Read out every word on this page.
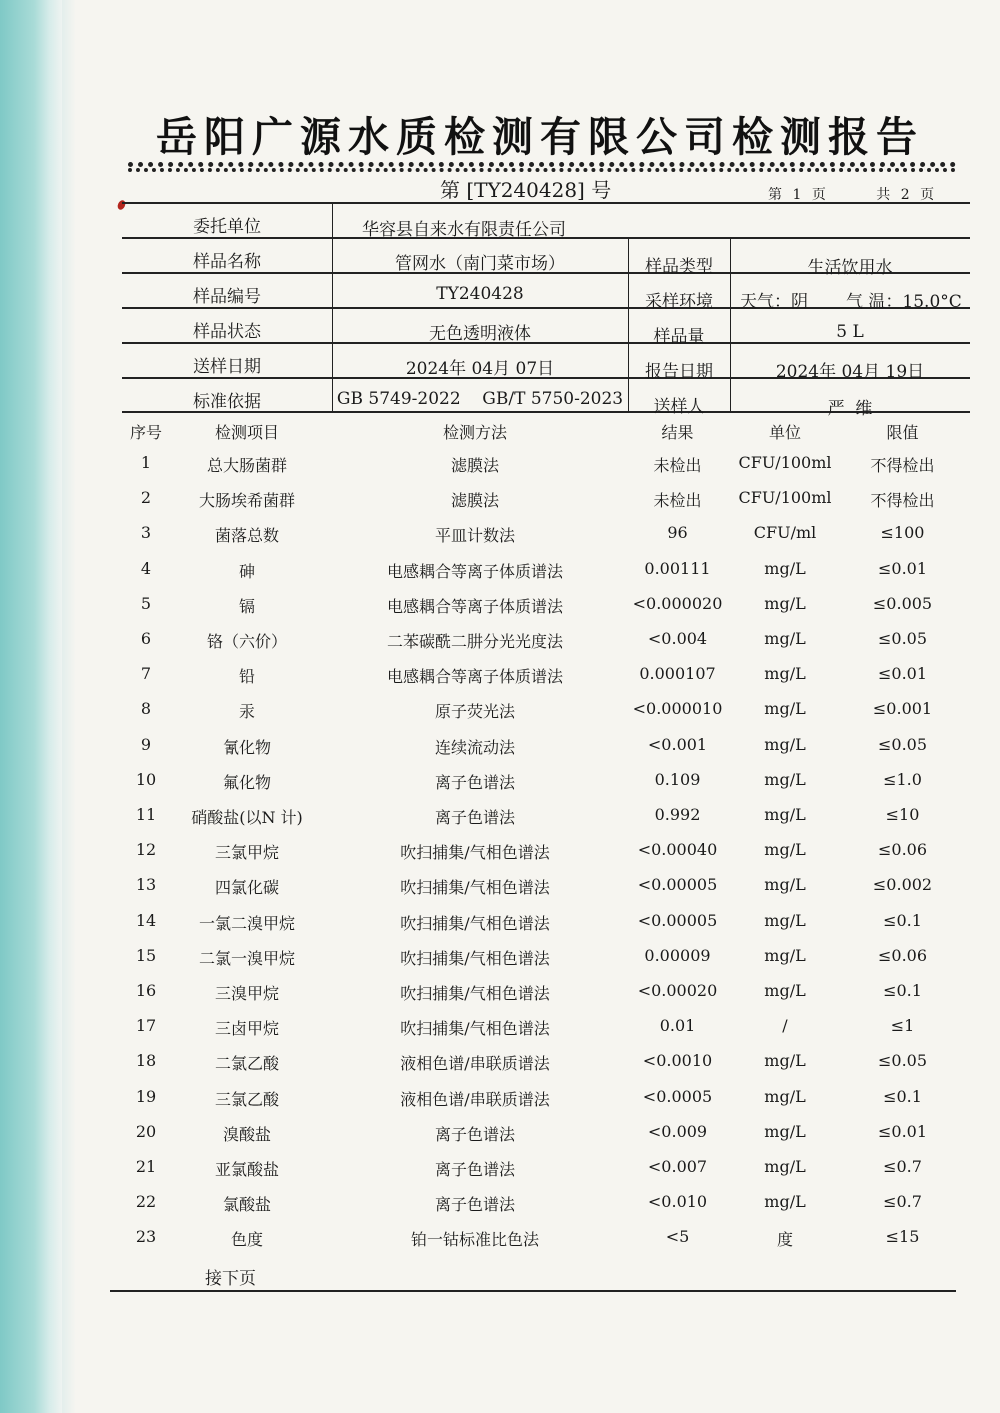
岳阳广源水质检测有限公司检测报告
第 [TY240428] 号	第 1 页	共 2 页
委托单位	华容县自来水有限责任公司
样品名称	管网水（南门菜市场）	样品类型	生活饮用水
样品编号	TY240428	采样环境	天气：阴 气 温：15.0°C
样品状态	无色透明液体	样品量	5 L
送样日期	2024年 04月 07日	报告日期	2024年 04月 19日
标准依据	GB 5749-2022    GB/T 5750-2023	送样人	严  维
序号	检测项目	检测方法	结果	单位	限值
1	总大肠菌群	滤膜法	未检出	CFU/100ml	不得检出
2	大肠埃希菌群	滤膜法	未检出	CFU/100ml	不得检出
3	菌落总数	平皿计数法	96	CFU/ml	≤100
4	砷	电感耦合等离子体质谱法	0.00111	mg/L	≤0.01
5	镉	电感耦合等离子体质谱法	<0.000020	mg/L	≤0.005
6	铬（六价）	二苯碳酰二肼分光光度法	<0.004	mg/L	≤0.05
7	铅	电感耦合等离子体质谱法	0.000107	mg/L	≤0.01
8	汞	原子荧光法	<0.000010	mg/L	≤0.001
9	氰化物	连续流动法	<0.001	mg/L	≤0.05
10	氟化物	离子色谱法	0.109	mg/L	≤1.0
11	硝酸盐(以N 计)	离子色谱法	0.992	mg/L	≤10
12	三氯甲烷	吹扫捕集/气相色谱法	<0.00040	mg/L	≤0.06
13	四氯化碳	吹扫捕集/气相色谱法	<0.00005	mg/L	≤0.002
14	一氯二溴甲烷	吹扫捕集/气相色谱法	<0.00005	mg/L	≤0.1
15	二氯一溴甲烷	吹扫捕集/气相色谱法	0.00009	mg/L	≤0.06
16	三溴甲烷	吹扫捕集/气相色谱法	<0.00020	mg/L	≤0.1
17	三卤甲烷	吹扫捕集/气相色谱法	0.01	/	≤1
18	二氯乙酸	液相色谱/串联质谱法	<0.0010	mg/L	≤0.05
19	三氯乙酸	液相色谱/串联质谱法	<0.0005	mg/L	≤0.1
20	溴酸盐	离子色谱法	<0.009	mg/L	≤0.01
21	亚氯酸盐	离子色谱法	<0.007	mg/L	≤0.7
22	氯酸盐	离子色谱法	<0.010	mg/L	≤0.7
23	色度	铂一钴标准比色法	<5	度	≤15
接下页
